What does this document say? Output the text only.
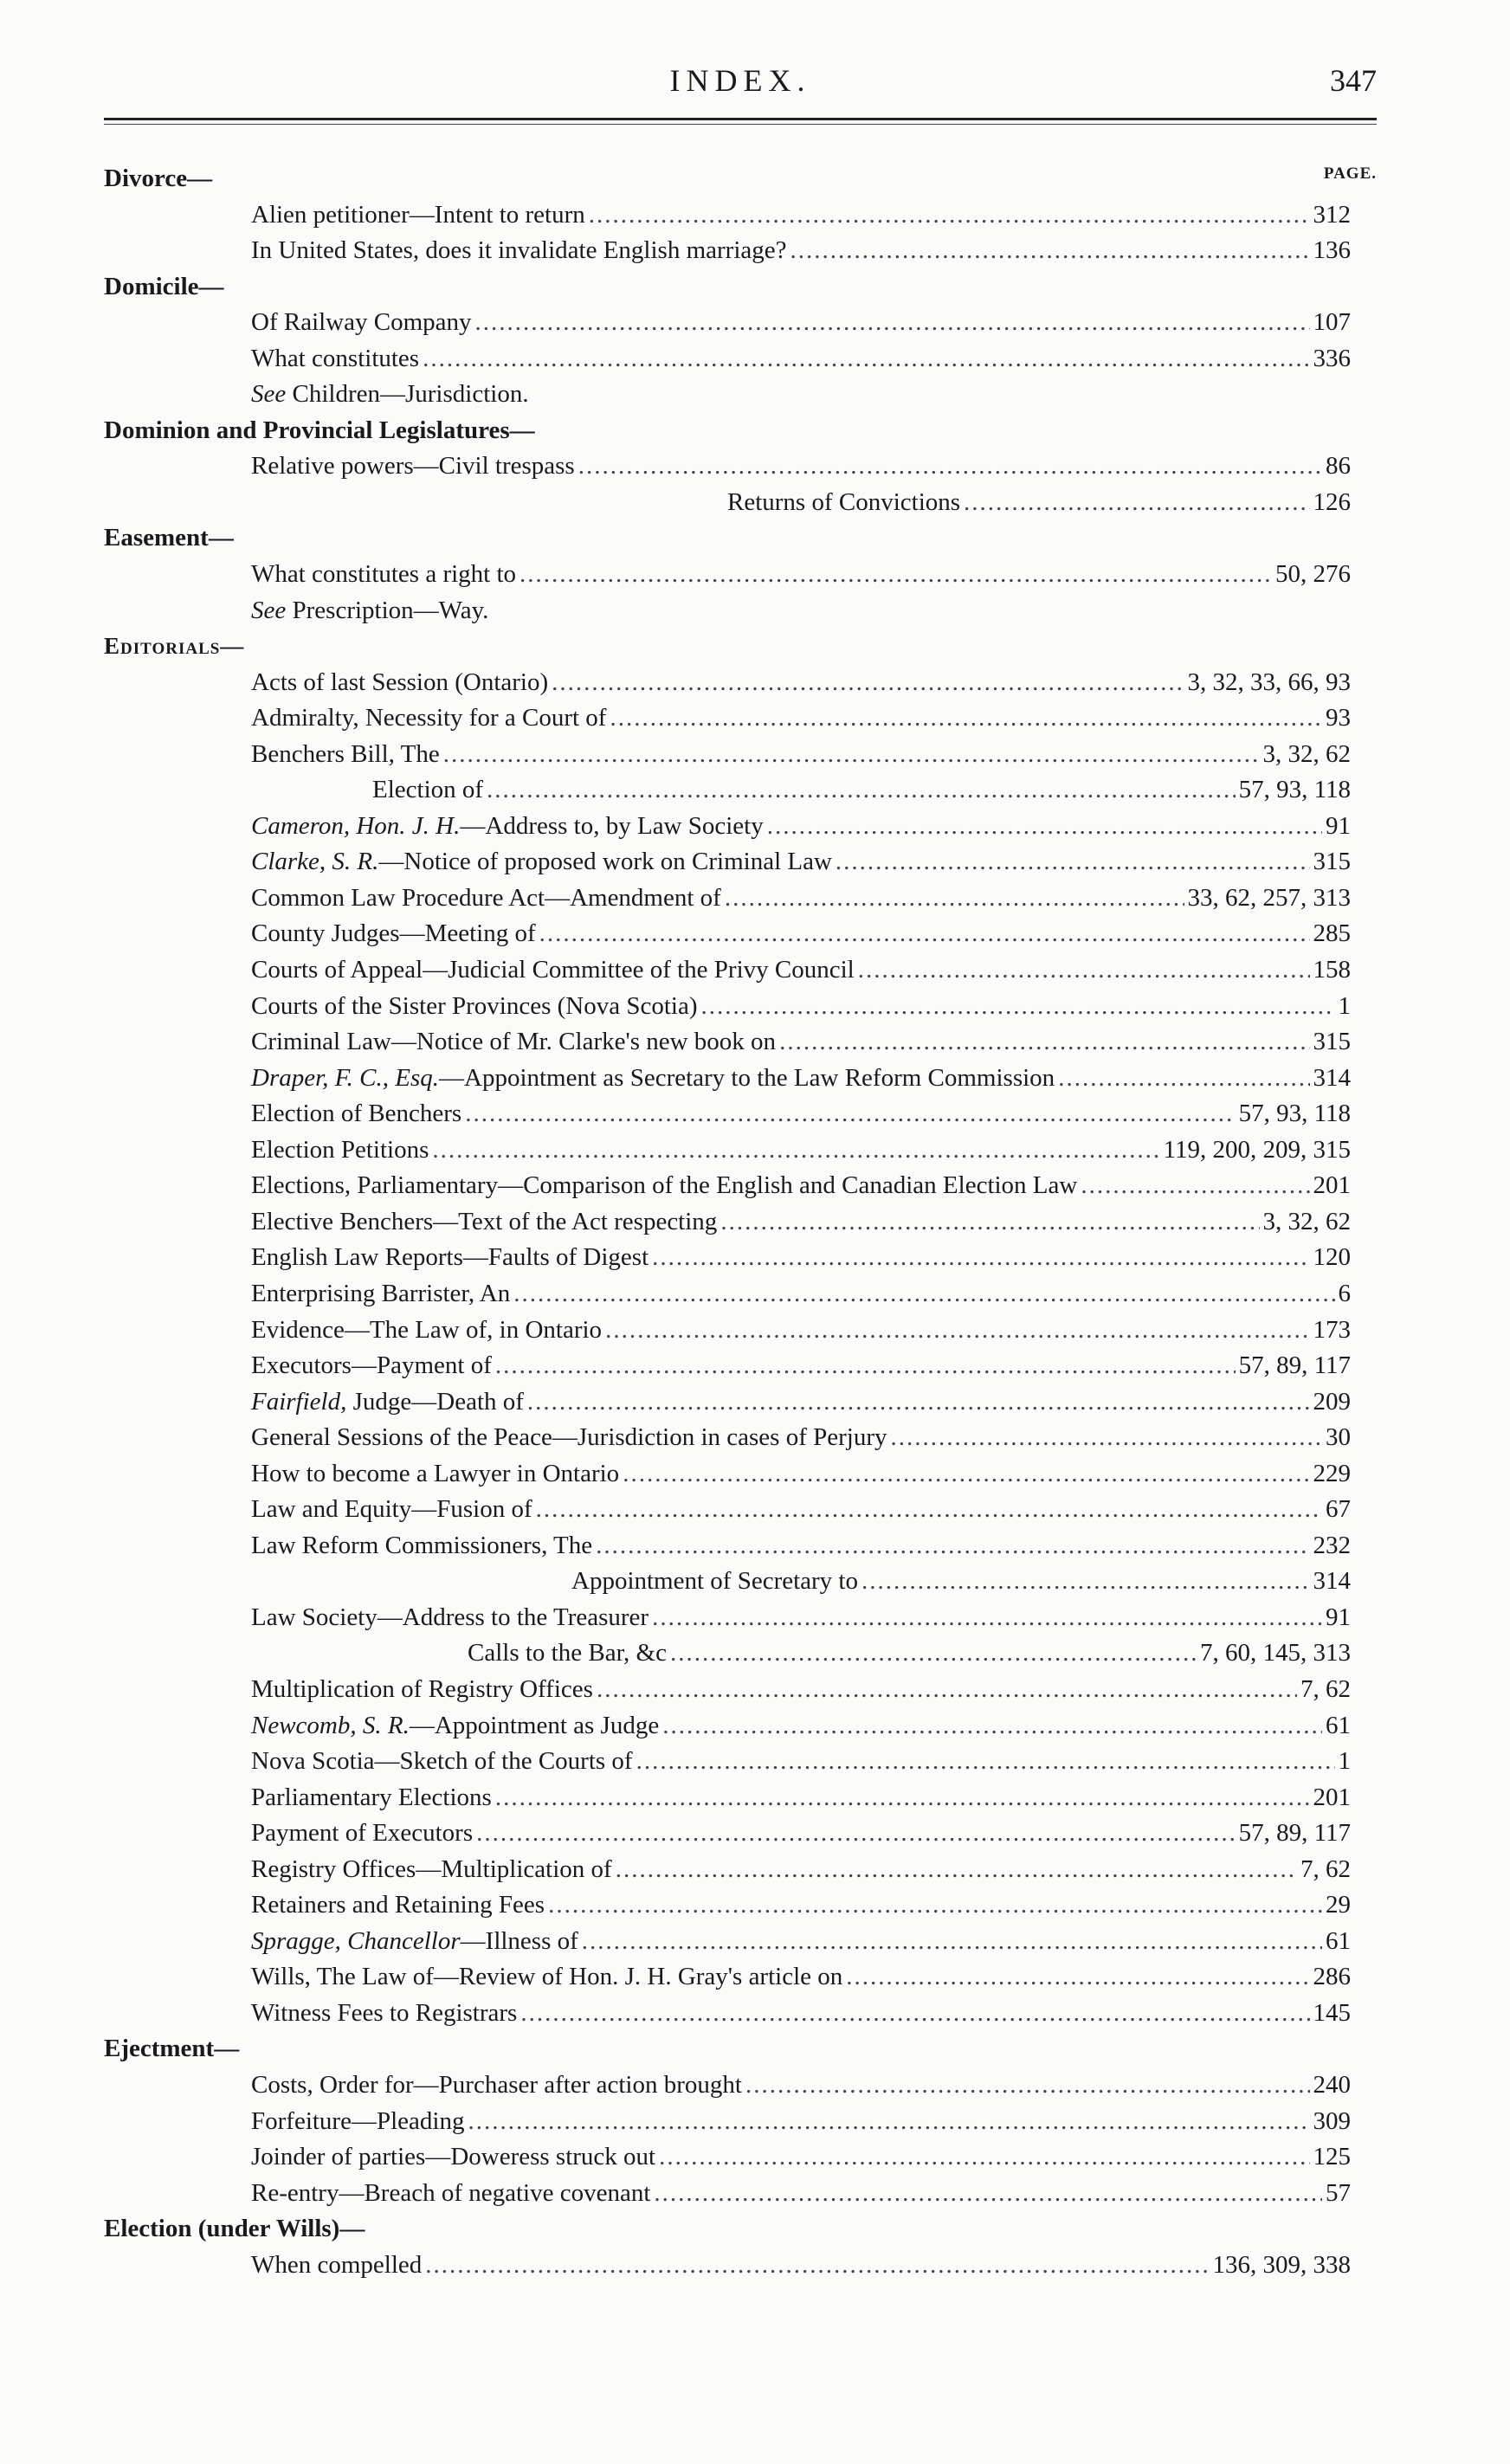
INDEX.	347
PAGE.
Divorce—
Alien petitioner—Intent to return .....	312
In United States, does it invalidate English marriage? .....	136
Domicile—
Of Railway Company .....	107
What constitutes .....	336
See Children—Jurisdiction.
Dominion and Provincial Legislatures—
Relative powers—Civil trespass .....	86
Returns of Convictions .....	126
Easement—
What constitutes a right to .....	50, 276
See Prescription—Way.
Editorials—
Acts of last Session (Ontario) .....	3, 32, 33, 66, 93
Admiralty, Necessity for a Court of .....	93
Benchers Bill, The .....	3, 32, 62
Election of .....	57, 93, 118
Cameron, Hon. J. H.—Address to, by Law Society .....	91
Clarke, S. R.—Notice of proposed work on Criminal Law .....	315
Common Law Procedure Act—Amendment of .....	33, 62, 257, 313
County Judges—Meeting of .....	285
Courts of Appeal—Judicial Committee of the Privy Council .....	158
Courts of the Sister Provinces (Nova Scotia) .....	1
Criminal Law—Notice of Mr. Clarke's new book on .....	315
Draper, F. C., Esq.—Appointment as Secretary to the Law Reform Commission .....	314
Election of Benchers .....	57, 93, 118
Election Petitions .....	119, 200, 209, 315
Elections, Parliamentary—Comparison of the English and Canadian Election Law .....	201
Elective Benchers—Text of the Act respecting .....	3, 32, 62
English Law Reports—Faults of Digest .....	120
Enterprising Barrister, An .....	6
Evidence—The Law of, in Ontario .....	173
Executors—Payment of .....	57, 89, 117
Fairfield, Judge—Death of .....	209
General Sessions of the Peace—Jurisdiction in cases of Perjury .....	30
How to become a Lawyer in Ontario .....	229
Law and Equity—Fusion of .....	67
Law Reform Commissioners, The .....	232
Appointment of Secretary to .....	314
Law Society—Address to the Treasurer .....	91
Calls to the Bar, &c .....	7, 60, 145, 313
Multiplication of Registry Offices .....	7, 62
Newcomb, S. R.—Appointment as Judge .....	61
Nova Scotia—Sketch of the Courts of .....	1
Parliamentary Elections .....	201
Payment of Executors .....	57, 89, 117
Registry Offices—Multiplication of .....	7, 62
Retainers and Retaining Fees .....	29
Spragge, Chancellor—Illness of .....	61
Wills, The Law of—Review of Hon. J. H. Gray's article on .....	286
Witness Fees to Registrars .....	145
Ejectment—
Costs, Order for—Purchaser after action brought .....	240
Forfeiture—Pleading .....	309
Joinder of parties—Doweress struck out .....	125
Re-entry—Breach of negative covenant .....	57
Election (under Wills)—
When compelled .....	136, 309, 338
